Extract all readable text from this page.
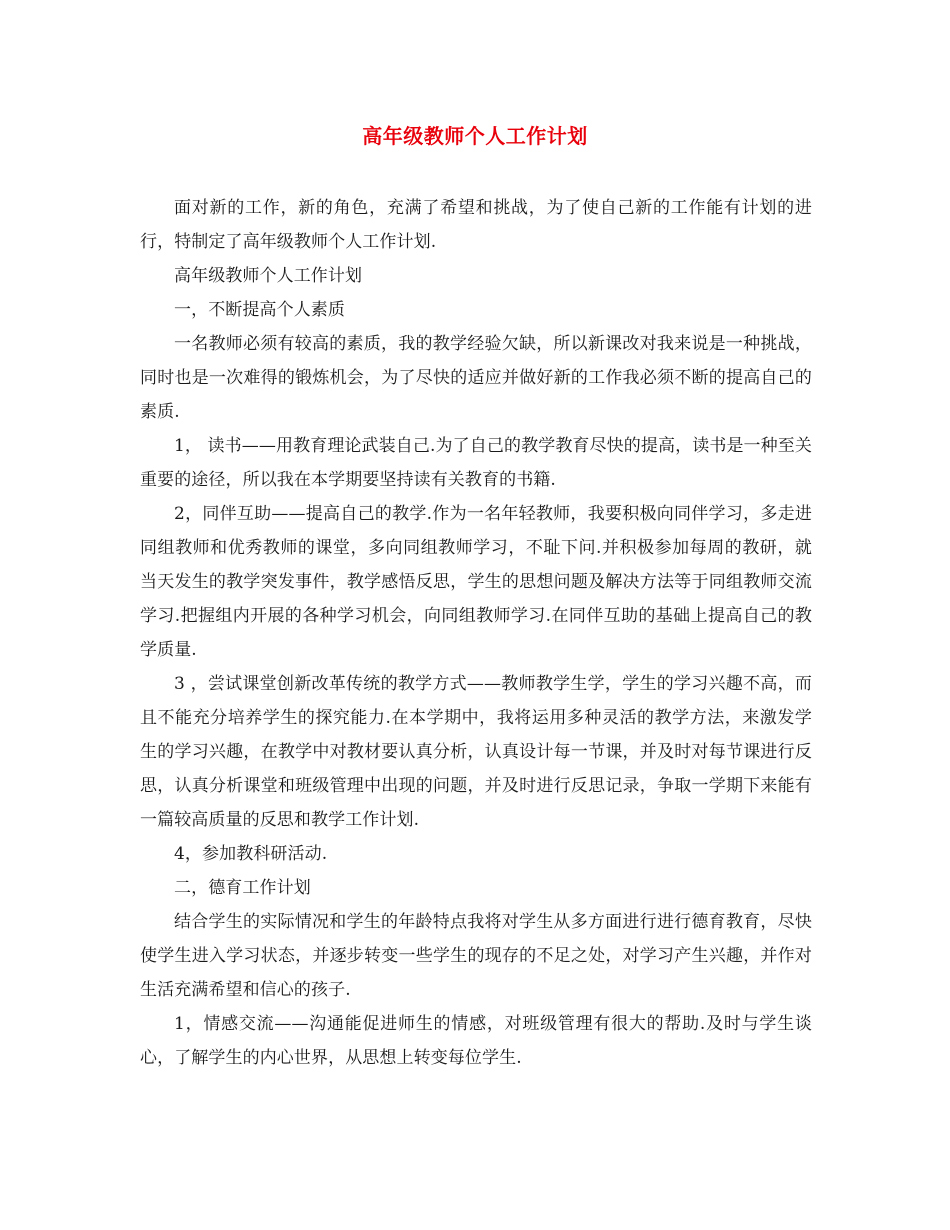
高年级教师个人工作计划

面对新的工作，新的角色，充满了希望和挑战，为了使自己新的工作能有计划的进行，特制定了高年级教师个人工作计划.

高年级教师个人工作计划

一，不断提高个人素质

一名教师必须有较高的素质，我的教学经验欠缺，所以新课改对我来说是一种挑战，同时也是一次难得的锻炼机会，为了尽快的适应并做好新的工作我必须不断的提高自己的素质.

1， 读书——用教育理论武装自己.为了自己的教学教育尽快的提高，读书是一种至关重要的途径，所以我在本学期要坚持读有关教育的书籍.

2，同伴互助——提高自己的教学.作为一名年轻教师，我要积极向同伴学习，多走进同组教师和优秀教师的课堂，多向同组教师学习，不耻下问.并积极参加每周的教研，就当天发生的教学突发事件，教学感悟反思，学生的思想问题及解决方法等于同组教师交流学习.把握组内开展的各种学习机会，向同组教师学习.在同伴互助的基础上提高自己的教学质量.

3 ，尝试课堂创新改革传统的教学方式——教师教学生学，学生的学习兴趣不高，而且不能充分培养学生的探究能力.在本学期中，我将运用多种灵活的教学方法，来激发学生的学习兴趣，在教学中对教材要认真分析，认真设计每一节课，并及时对每节课进行反思，认真分析课堂和班级管理中出现的问题，并及时进行反思记录，争取一学期下来能有一篇较高质量的反思和教学工作计划.

4，参加教科研活动.

二，德育工作计划

结合学生的实际情况和学生的年龄特点我将对学生从多方面进行进行德育教育，尽快使学生进入学习状态，并逐步转变一些学生的现存的不足之处，对学习产生兴趣，并作对生活充满希望和信心的孩子.

1，情感交流——沟通能促进师生的情感，对班级管理有很大的帮助.及时与学生谈心，了解学生的内心世界，从思想上转变每位学生.
